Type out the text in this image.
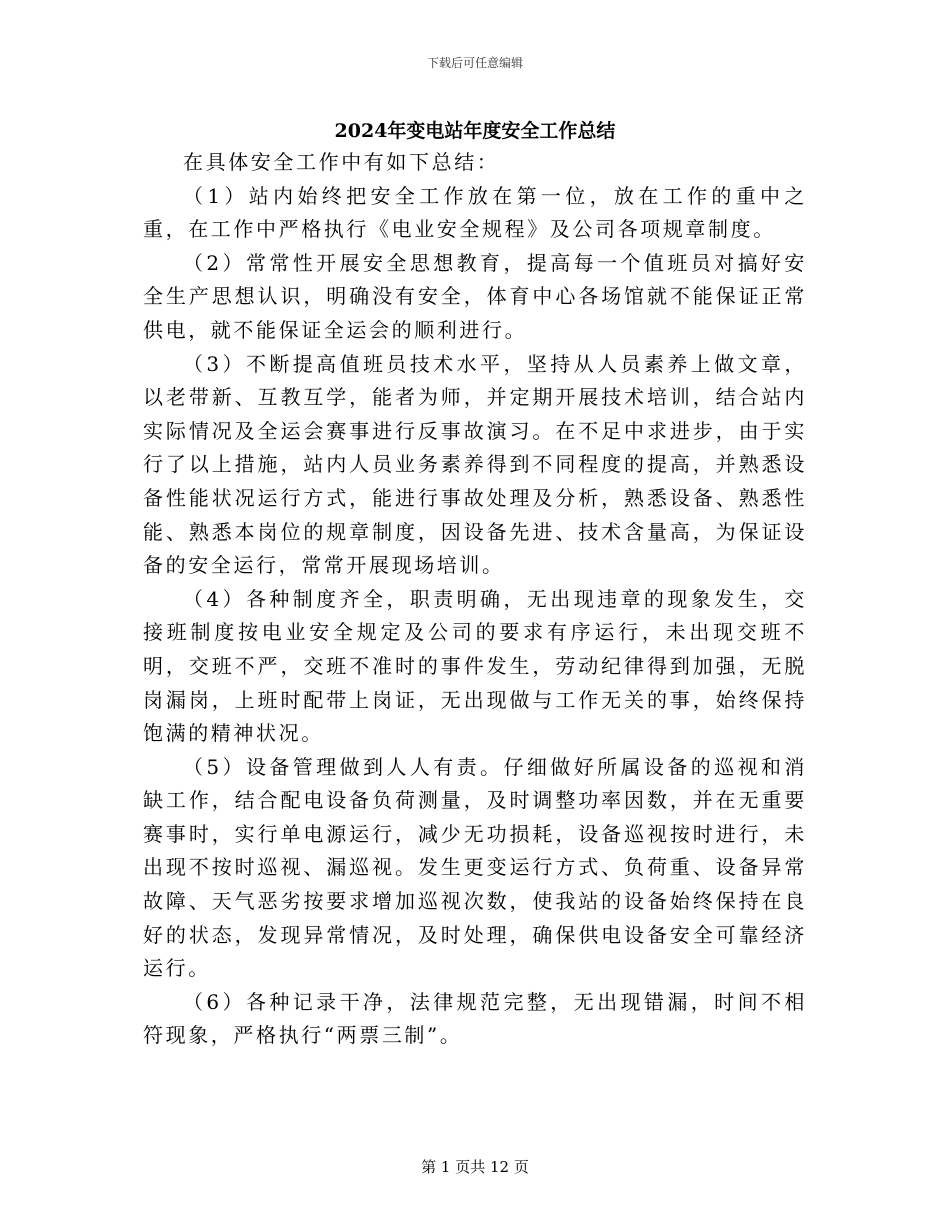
下载后可任意编辑
2024年变电站年度安全工作总结

在具体安全工作中有如下总结：

（1）站内始终把安全工作放在第一位，放在工作的重中之重，在工作中严格执行《电业安全规程》及公司各项规章制度。

（2）常常性开展安全思想教育，提高每一个值班员对搞好安全生产思想认识，明确没有安全，体育中心各场馆就不能保证正常供电，就不能保证全运会的顺利进行。

（3）不断提高值班员技术水平，坚持从人员素养上做文章，以老带新、互教互学，能者为师，并定期开展技术培训，结合站内实际情况及全运会赛事进行反事故演习。在不足中求进步，由于实行了以上措施，站内人员业务素养得到不同程度的提高，并熟悉设备性能状况运行方式，能进行事故处理及分析，熟悉设备、熟悉性能、熟悉本岗位的规章制度，因设备先进、技术含量高，为保证设备的安全运行，常常开展现场培训。

（4）各种制度齐全，职责明确，无出现违章的现象发生，交接班制度按电业安全规定及公司的要求有序运行，未出现交班不明，交班不严，交班不准时的事件发生，劳动纪律得到加强，无脱岗漏岗，上班时配带上岗证，无出现做与工作无关的事，始终保持饱满的精神状况。

（5）设备管理做到人人有责。仔细做好所属设备的巡视和消缺工作，结合配电设备负荷测量，及时调整功率因数，并在无重要赛事时，实行单电源运行，减少无功损耗，设备巡视按时进行，未出现不按时巡视、漏巡视。发生更变运行方式、负荷重、设备异常故障、天气恶劣按要求增加巡视次数，使我站的设备始终保持在良好的状态，发现异常情况，及时处理，确保供电设备安全可靠经济运行。

（6）各种记录干净，法律规范完整，无出现错漏，时间不相符现象，严格执行“两票三制”。

第 1 页共 12 页
